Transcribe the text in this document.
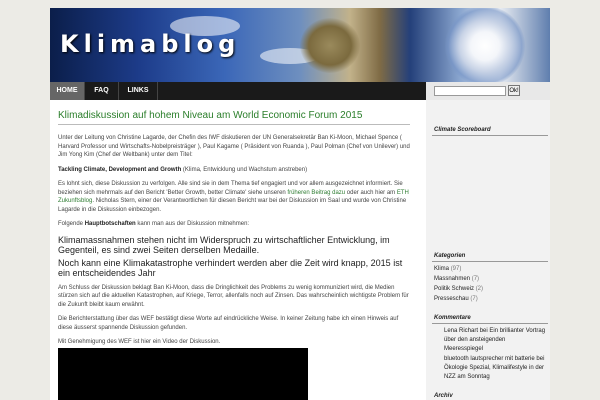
Klimablog
HOME	FAQ	LINKS	Ok!
Klimadiskussion auf hohem Niveau am World Economic Forum 2015
Unter der Leitung von Christine Lagarde, der Chefin des IWF diskutieren der UN Generalsekretär Ban Ki-Moon, Michael Spence ( Harvard Professor und Wirtschafts-Nobelpreisträger ), Paul Kagame ( Präsident von Ruanda ), Paul Polman (Chef von Unilever) und Jim Yong Kim (Chef der Weltbank) unter dem Titel:
Tackling Climate, Development and Growth (Klima, Entwicklung und Wachstum anstreben)
Es lohnt sich, diese Diskussion zu verfolgen. Alle sind sie in dem Thema tief engagiert und vor allem ausgezeichnet informiert. Sie beziehen sich mehrmals auf den Bericht 'Better Growth, better Climate' siehe unseren früheren Beitrag dazu oder auch hier am ETH Zukunftsblog. Nicholas Stern, einer der Verantwortlichen für diesen Bericht war bei der Diskussion im Saal und wurde von Christine Lagarde in die Diskussion einbezogen.
Folgende Hauptbotschaften kann man aus der Diskussion mitnehmen:
Klimamassnahmen stehen nicht im Widerspruch zu wirtschaftlicher Entwicklung, im Gegenteil, es sind zwei Seiten derselben Medaille.
Noch kann eine Klimakatastrophe verhindert werden aber die Zeit wird knapp, 2015 ist ein entscheidendes Jahr
Am Schluss der Diskussion beklagt Ban Ki-Moon, dass die Dringlichkeit des Problems zu wenig kommuniziert wird, die Medien stürzen sich auf die aktuellen Katastrophen, auf Kriege, Terror, allenfalls noch auf Zinsen. Das wahrscheinlich wichtigste Problem für die Zukunft bleibt kaum erwähnt.
Die Berichterstattung über das WEF bestätigt diese Worte auf eindrückliche Weise. In keiner Zeitung habe ich einen Hinweis auf diese äusserst spannende Diskussion gefunden.
Mit Genehmigung des WEF ist hier ein Video der Diskussion.
Climate Scoreboard
Kategorien
Klima (97)
Massnahmen (7)
Politik Schweiz (2)
Presseschau (7)
Kommentare
Lena Richart bei Ein brillianter Vortrag
über den ansteigenden
Meeresspiegel
bluetooth lautsprecher mit batterie bei
Ökologie Spezial, Klimalifestyle in der
NZZ am Sonntag
Archiv
